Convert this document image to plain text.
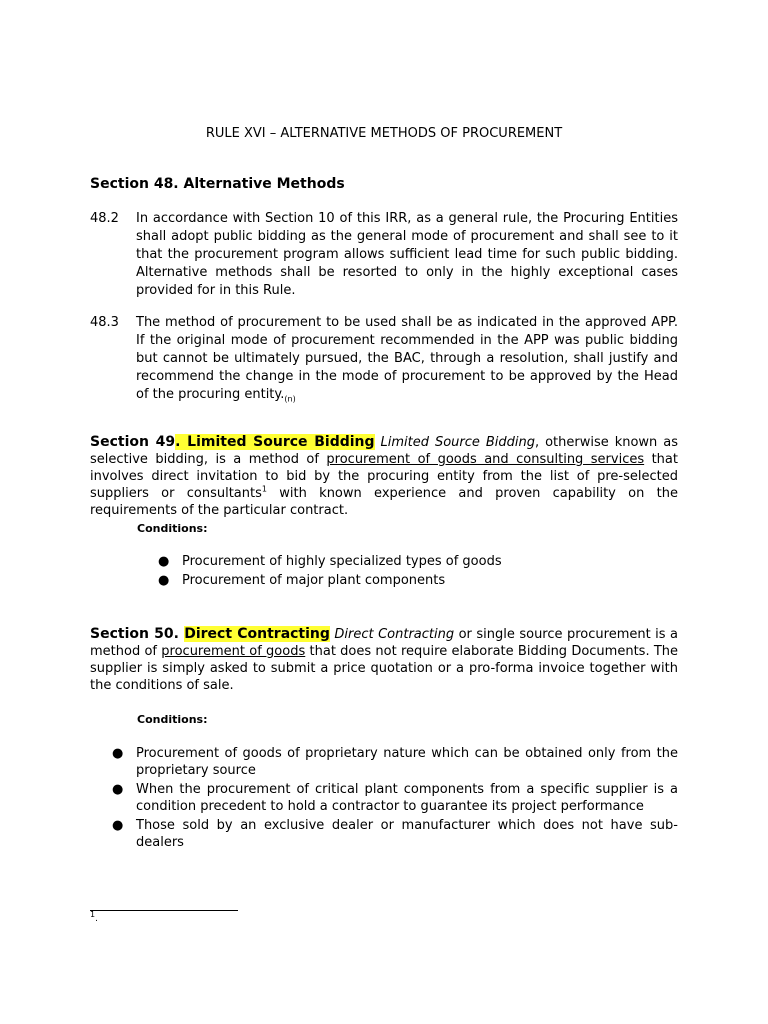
RULE XVI – ALTERNATIVE METHODS OF PROCUREMENT
Section 48. Alternative Methods
48.2 In accordance with Section 10 of this IRR, as a general rule, the Procuring Entities shall adopt public bidding as the general mode of procurement and shall see to it that the procurement program allows sufficient lead time for such public bidding. Alternative methods shall be resorted to only in the highly exceptional cases provided for in this Rule.
48.3 The method of procurement to be used shall be as indicated in the approved APP. If the original mode of procurement recommended in the APP was public bidding but cannot be ultimately pursued, the BAC, through a resolution, shall justify and recommend the change in the mode of procurement to be approved by the Head of the procuring $entity._{(n)}$
Section 49. Limited Source Bidding Limited Source Bidding, otherwise known as selective bidding, is a method of procurement of goods and consulting services that involves direct invitation to bid by the procuring entity from the list of pre-selected suppliers or consultants$^1$ with known experience and proven capability on the requirements of the particular contract.
Conditions:
● Procurement of highly specialized types of goods
● Procurement of major plant components
Section 50. Direct Contracting Direct Contracting or single source procurement is a method of procurement of goods that does not require elaborate Bidding Documents. The supplier is simply asked to submit a price quotation or a pro-forma invoice together with the conditions of sale.
Conditions:
● Procurement of goods of proprietary nature which can be obtained only from the proprietary source
● When the procurement of critical plant components from a specific supplier is a condition precedent to hold a contractor to guarantee its project performance
● Those sold by an exclusive dealer or manufacturer which does not have sub-dealers
1.
